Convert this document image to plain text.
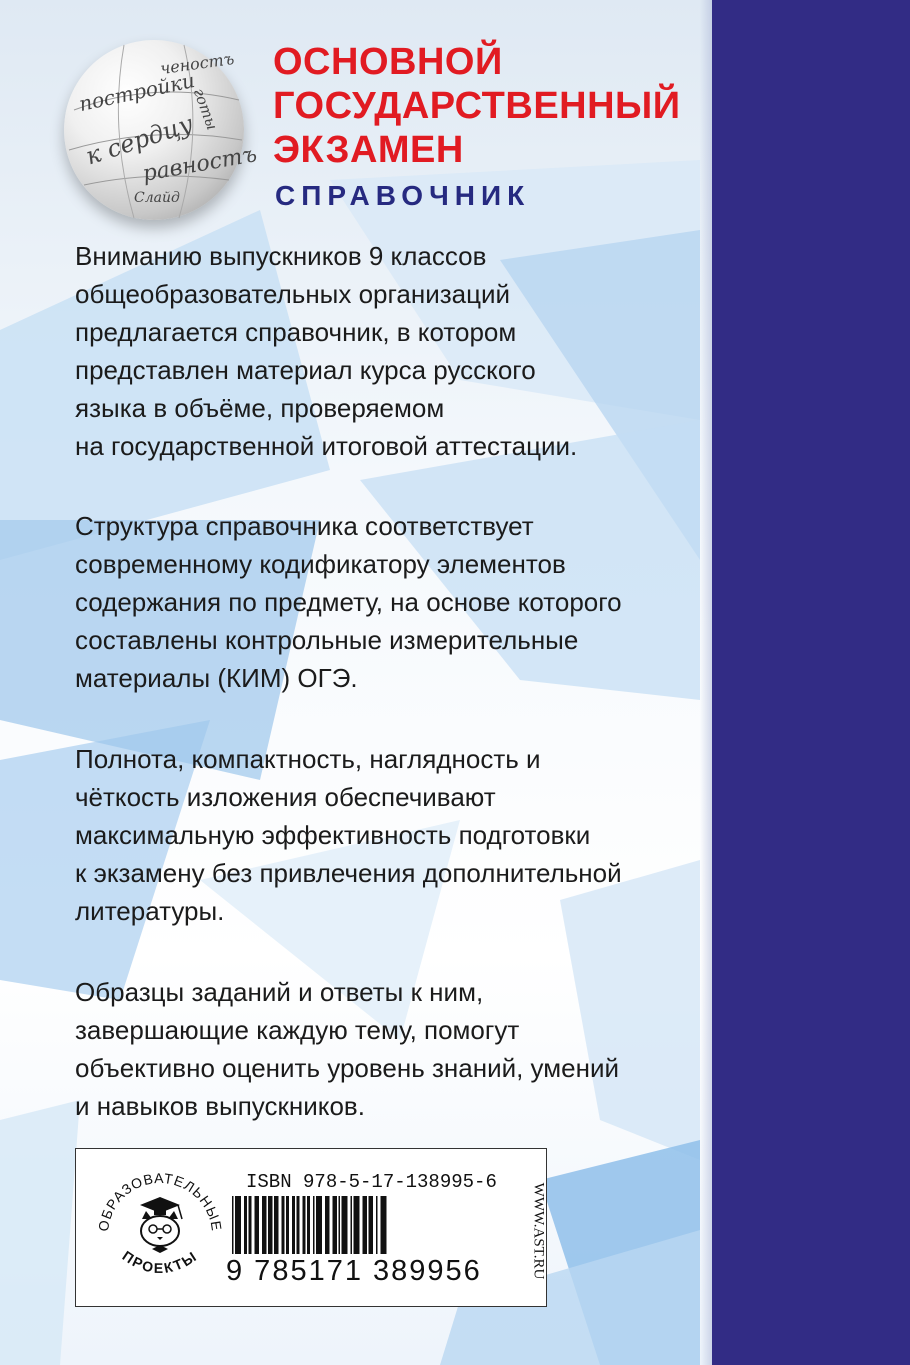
постройки
ченостъ
к сердцу
равностъ
готы
Слайд
ОСНОВНОЙ
ГОСУДАРСТВЕННЫЙ
ЭКЗАМЕН
СПРАВОЧНИК
Вниманию выпускников 9 классов
общеобразовательных организаций
предлагается справочник, в котором
представлен материал курса русского
языка в объёме, проверяемом
на государственной итоговой аттестации.
Структура справочника соответствует
современному кодификатору элементов
содержания по предмету, на основе которого
составлены контрольные измерительные
материалы (КИМ) ОГЭ.
Полнота, компактность, наглядность и
чёткость изложения обеспечивают
максимальную эффективность подготовки
к экзамену без привлечения дополнительной
литературы.
Образцы заданий и ответы к ним,
завершающие каждую тему, помогут
объективно оценить уровень знаний, умений
и навыков выпускников.
ОБРАЗОВАТЕЛЬНЫЕ
ПРОЕКТЫ
ISBN 978-5-17-138995-6
9 785171 389956	WWW.AST.RU
